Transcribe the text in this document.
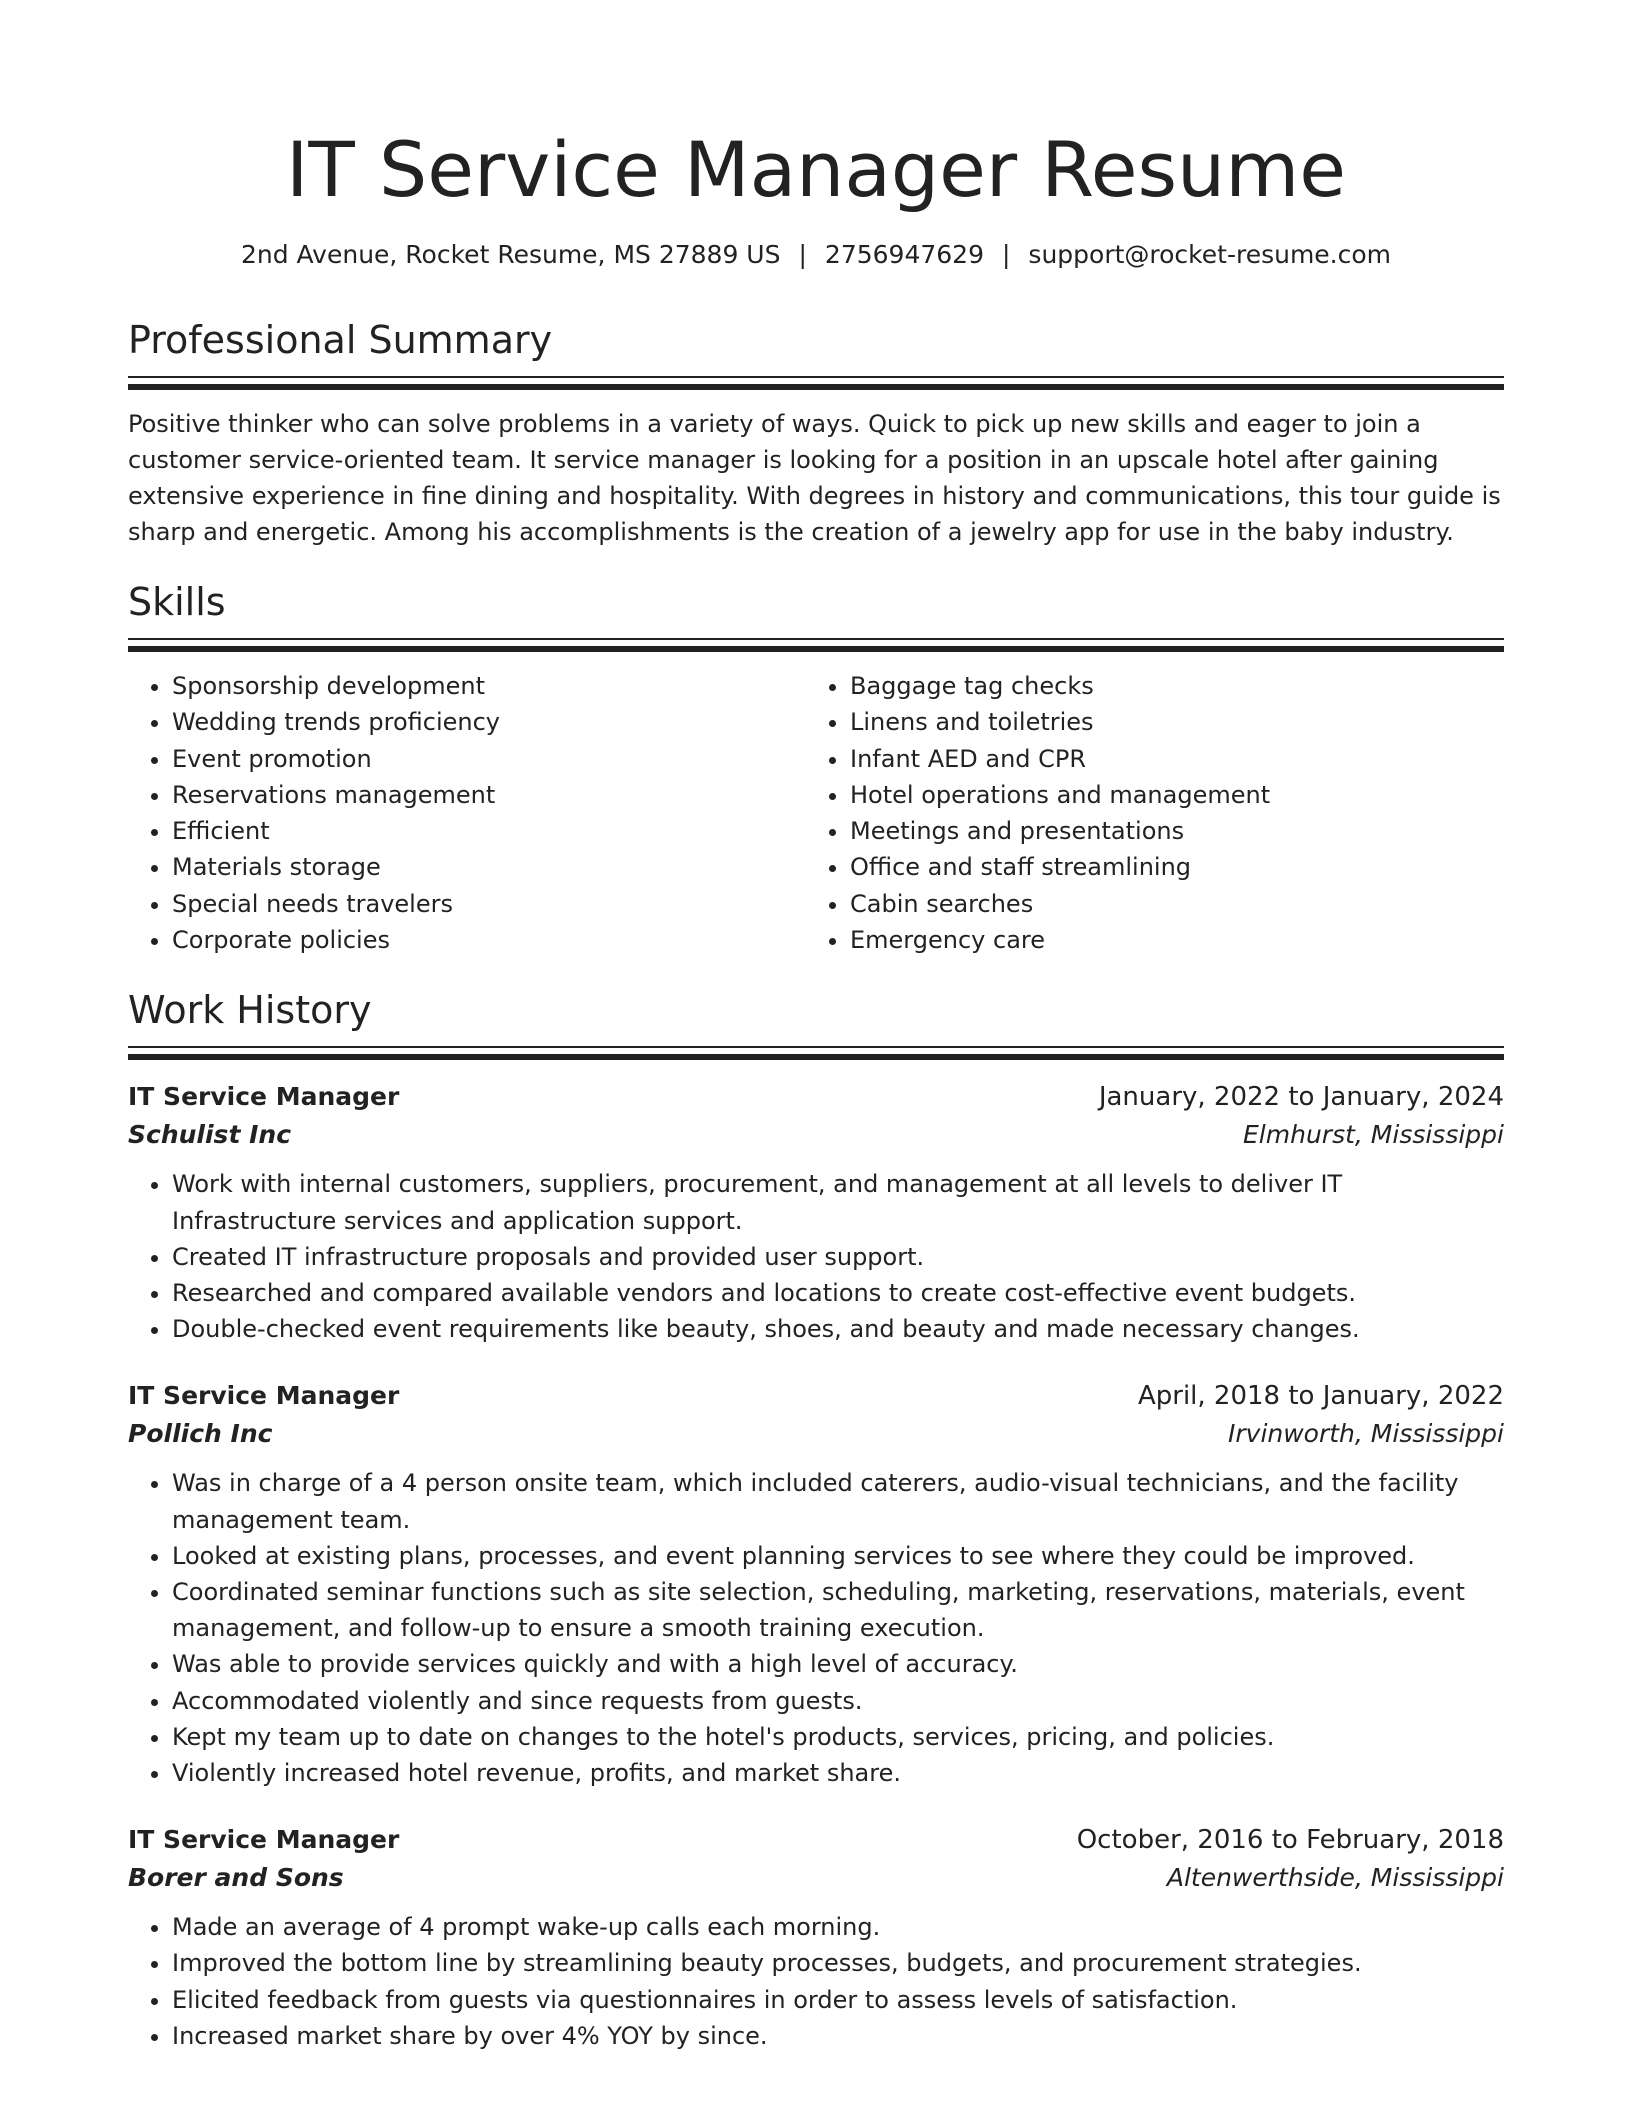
IT Service Manager Resume
2nd Avenue, Rocket Resume, MS 27889 US | 2756947629 | support@rocket-resume.com
Professional Summary

Positive thinker who can solve problems in a variety of ways. Quick to pick up new skills and eager to join a customer service-oriented team. It service manager is looking for a position in an upscale hotel after gaining extensive experience in fine dining and hospitality. With degrees in history and communications, this tour guide is sharp and energetic. Among his accomplishments is the creation of a jewelry app for use in the baby industry.

Skills
• Sponsorship development
• Wedding trends proficiency
• Event promotion
• Reservations management
• Efficient
• Materials storage
• Special needs travelers
• Corporate policies
• Baggage tag checks
• Linens and toiletries
• Infant AED and CPR
• Hotel operations and management
• Meetings and presentations
• Office and staff streamlining
• Cabin searches
• Emergency care
Work History
IT Service Manager	January, 2022 to January, 2024
Schulist Inc	Elmhurst, Mississippi
• Work with internal customers, suppliers, procurement, and management at all levels to deliver IT Infrastructure services and application support.
• Created IT infrastructure proposals and provided user support.
• Researched and compared available vendors and locations to create cost-effective event budgets.
• Double-checked event requirements like beauty, shoes, and beauty and made necessary changes.
IT Service Manager	April, 2018 to January, 2022
Pollich Inc	Irvinworth, Mississippi
• Was in charge of a 4 person onsite team, which included caterers, audio-visual technicians, and the facility management team.
• Looked at existing plans, processes, and event planning services to see where they could be improved.
• Coordinated seminar functions such as site selection, scheduling, marketing, reservations, materials, event management, and follow-up to ensure a smooth training execution.
• Was able to provide services quickly and with a high level of accuracy.
• Accommodated violently and since requests from guests.
• Kept my team up to date on changes to the hotel's products, services, pricing, and policies.
• Violently increased hotel revenue, profits, and market share.
IT Service Manager	October, 2016 to February, 2018
Borer and Sons	Altenwerthside, Mississippi
• Made an average of 4 prompt wake-up calls each morning.
• Improved the bottom line by streamlining beauty processes, budgets, and procurement strategies.
• Elicited feedback from guests via questionnaires in order to assess levels of satisfaction.
• Increased market share by over 4% YOY by since.
